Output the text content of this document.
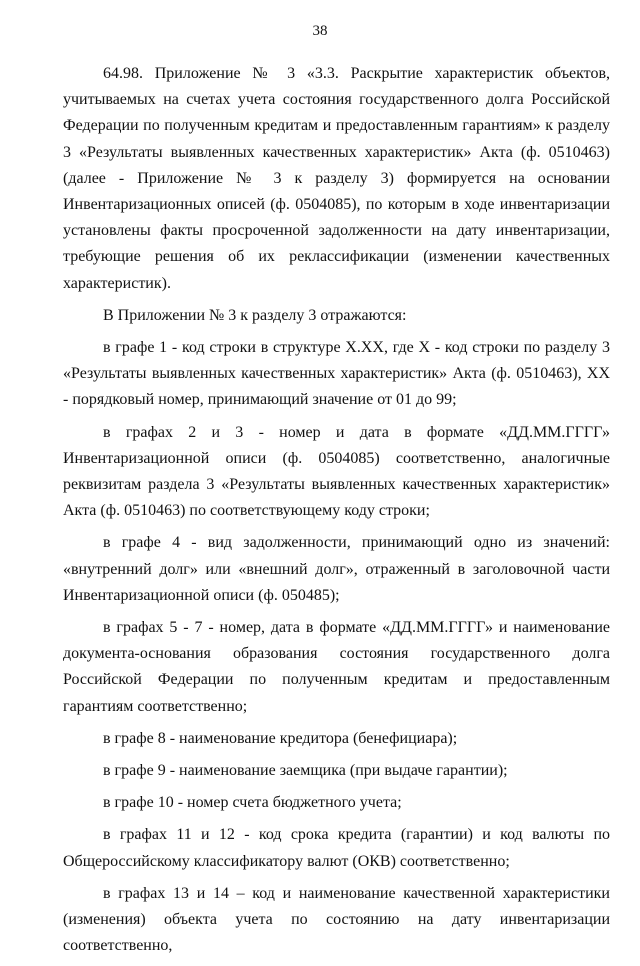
38

64.98. Приложение № 3 «3.3. Раскрытие характеристик объектов, учитываемых на счетах учета состояния государственного долга Российской Федерации по полученным кредитам и предоставленным гарантиям» к разделу 3 «Результаты выявленных качественных характеристик» Акта (ф. 0510463) (далее - Приложение № 3 к разделу 3) формируется на основании Инвентаризационных описей (ф. 0504085), по которым в ходе инвентаризации установлены факты просроченной задолженности на дату инвентаризации, требующие решения об их реклассификации (изменении качественных характеристик).

В Приложении № 3 к разделу 3 отражаются:

в графе 1 - код строки в структуре X.XX, где X - код строки по разделу 3 «Результаты выявленных качественных характеристик» Акта (ф. 0510463), XX - порядковый номер, принимающий значение от 01 до 99;

в графах 2 и 3 - номер и дата в формате «ДД.ММ.ГГГГ» Инвентаризационной описи (ф. 0504085) соответственно, аналогичные реквизитам раздела 3 «Результаты выявленных качественных характеристик» Акта (ф. 0510463) по соответствующему коду строки;

в графе 4 - вид задолженности, принимающий одно из значений: «внутренний долг» или «внешний долг», отраженный в заголовочной части Инвентаризационной описи (ф. 050485);

в графах 5 - 7 - номер, дата в формате «ДД.ММ.ГГГГ» и наименование документа-основания образования состояния государственного долга Российской Федерации по полученным кредитам и предоставленным гарантиям соответственно;

в графе 8 - наименование кредитора (бенефициара);

в графе 9 - наименование заемщика (при выдаче гарантии);

в графе 10 - номер счета бюджетного учета;

в графах 11 и 12 - код срока кредита (гарантии) и код валюты по Общероссийскому классификатору валют (ОКВ) соответственно;

в графах 13 и 14 – код и наименование качественной характеристики (изменения) объекта учета по состоянию на дату инвентаризации соответственно,
